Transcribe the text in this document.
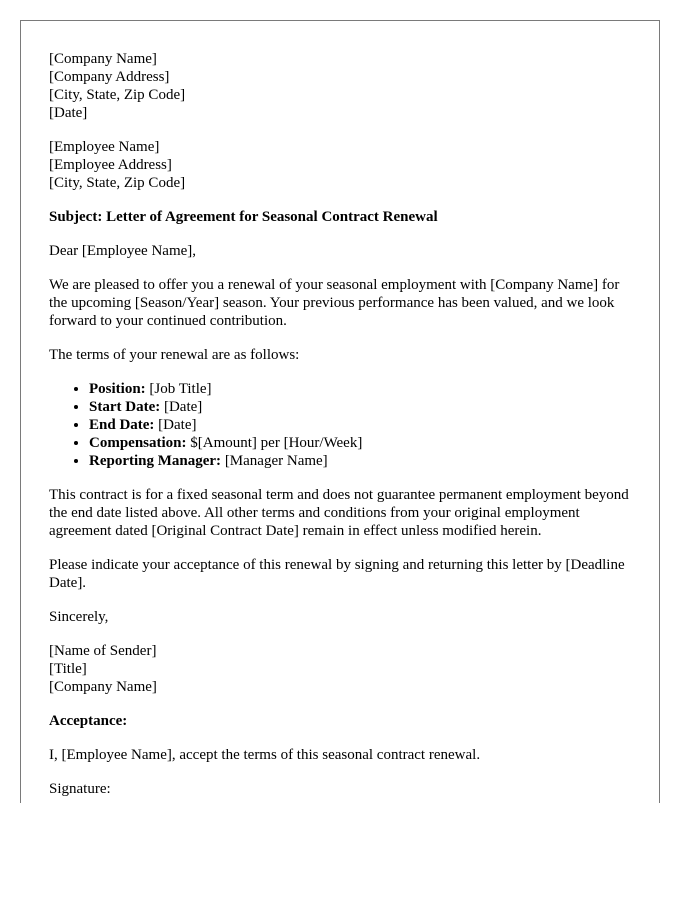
[Company Name]
[Company Address]
[City, State, Zip Code]
[Date]
[Employee Name]
[Employee Address]
[City, State, Zip Code]

Subject: Letter of Agreement for Seasonal Contract Renewal

Dear [Employee Name],

We are pleased to offer you a renewal of your seasonal employment with [Company Name] for the upcoming [Season/Year] season. Your previous performance has been valued, and we look forward to your continued contribution.

The terms of your renewal are as follows:

• Position: [Job Title]
• Start Date: [Date]
• End Date: [Date]
• Compensation: $[Amount] per [Hour/Week]
• Reporting Manager: [Manager Name]

This contract is for a fixed seasonal term and does not guarantee permanent employment beyond the end date listed above. All other terms and conditions from your original employment agreement dated [Original Contract Date] remain in effect unless modified herein.

Please indicate your acceptance of this renewal by signing and returning this letter by [Deadline Date].

Sincerely,

[Name of Sender]
[Title]
[Company Name]

Acceptance:

I, [Employee Name], accept the terms of this seasonal contract renewal.

Signature:
